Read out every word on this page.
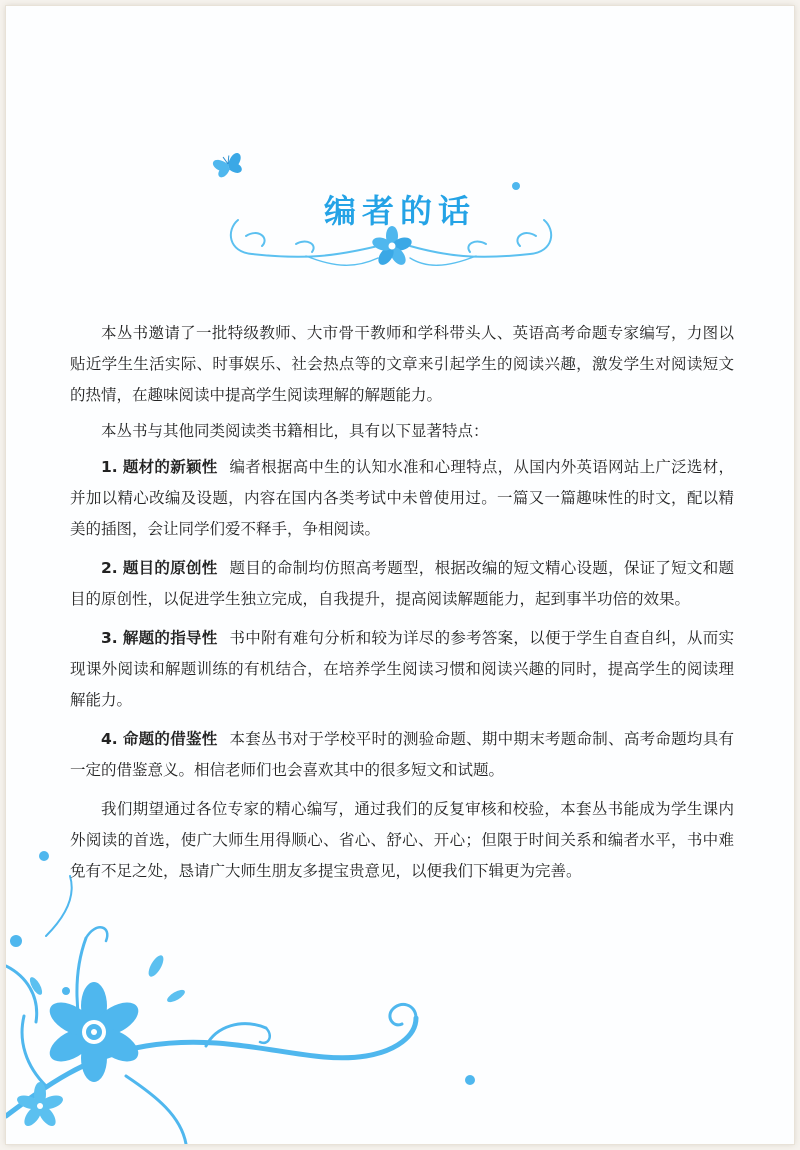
编者的话

本丛书邀请了一批特级教师、大市骨干教师和学科带头人、英语高考命题专家编写，力图以贴近学生生活实际、时事娱乐、社会热点等的文章来引起学生的阅读兴趣，激发学生对阅读短文的热情，在趣味阅读中提高学生阅读理解的解题能力。

本丛书与其他同类阅读类书籍相比，具有以下显著特点：

1. 题材的新颖性 编者根据高中生的认知水准和心理特点，从国内外英语网站上广泛选材，并加以精心改编及设题，内容在国内各类考试中未曾使用过。一篇又一篇趣味性的时文，配以精美的插图，会让同学们爱不释手，争相阅读。

2. 题目的原创性 题目的命制均仿照高考题型，根据改编的短文精心设题，保证了短文和题目的原创性，以促进学生独立完成，自我提升，提高阅读解题能力，起到事半功倍的效果。

3. 解题的指导性 书中附有难句分析和较为详尽的参考答案，以便于学生自查自纠，从而实现课外阅读和解题训练的有机结合，在培养学生阅读习惯和阅读兴趣的同时，提高学生的阅读理解能力。

4. 命题的借鉴性 本套丛书对于学校平时的测验命题、期中期末考题命制、高考命题均具有一定的借鉴意义。相信老师们也会喜欢其中的很多短文和试题。

我们期望通过各位专家的精心编写，通过我们的反复审核和校验，本套丛书能成为学生课内外阅读的首选，使广大师生用得顺心、省心、舒心、开心；但限于时间关系和编者水平，书中难免有不足之处，恳请广大师生朋友多提宝贵意见，以便我们下辑更为完善。
